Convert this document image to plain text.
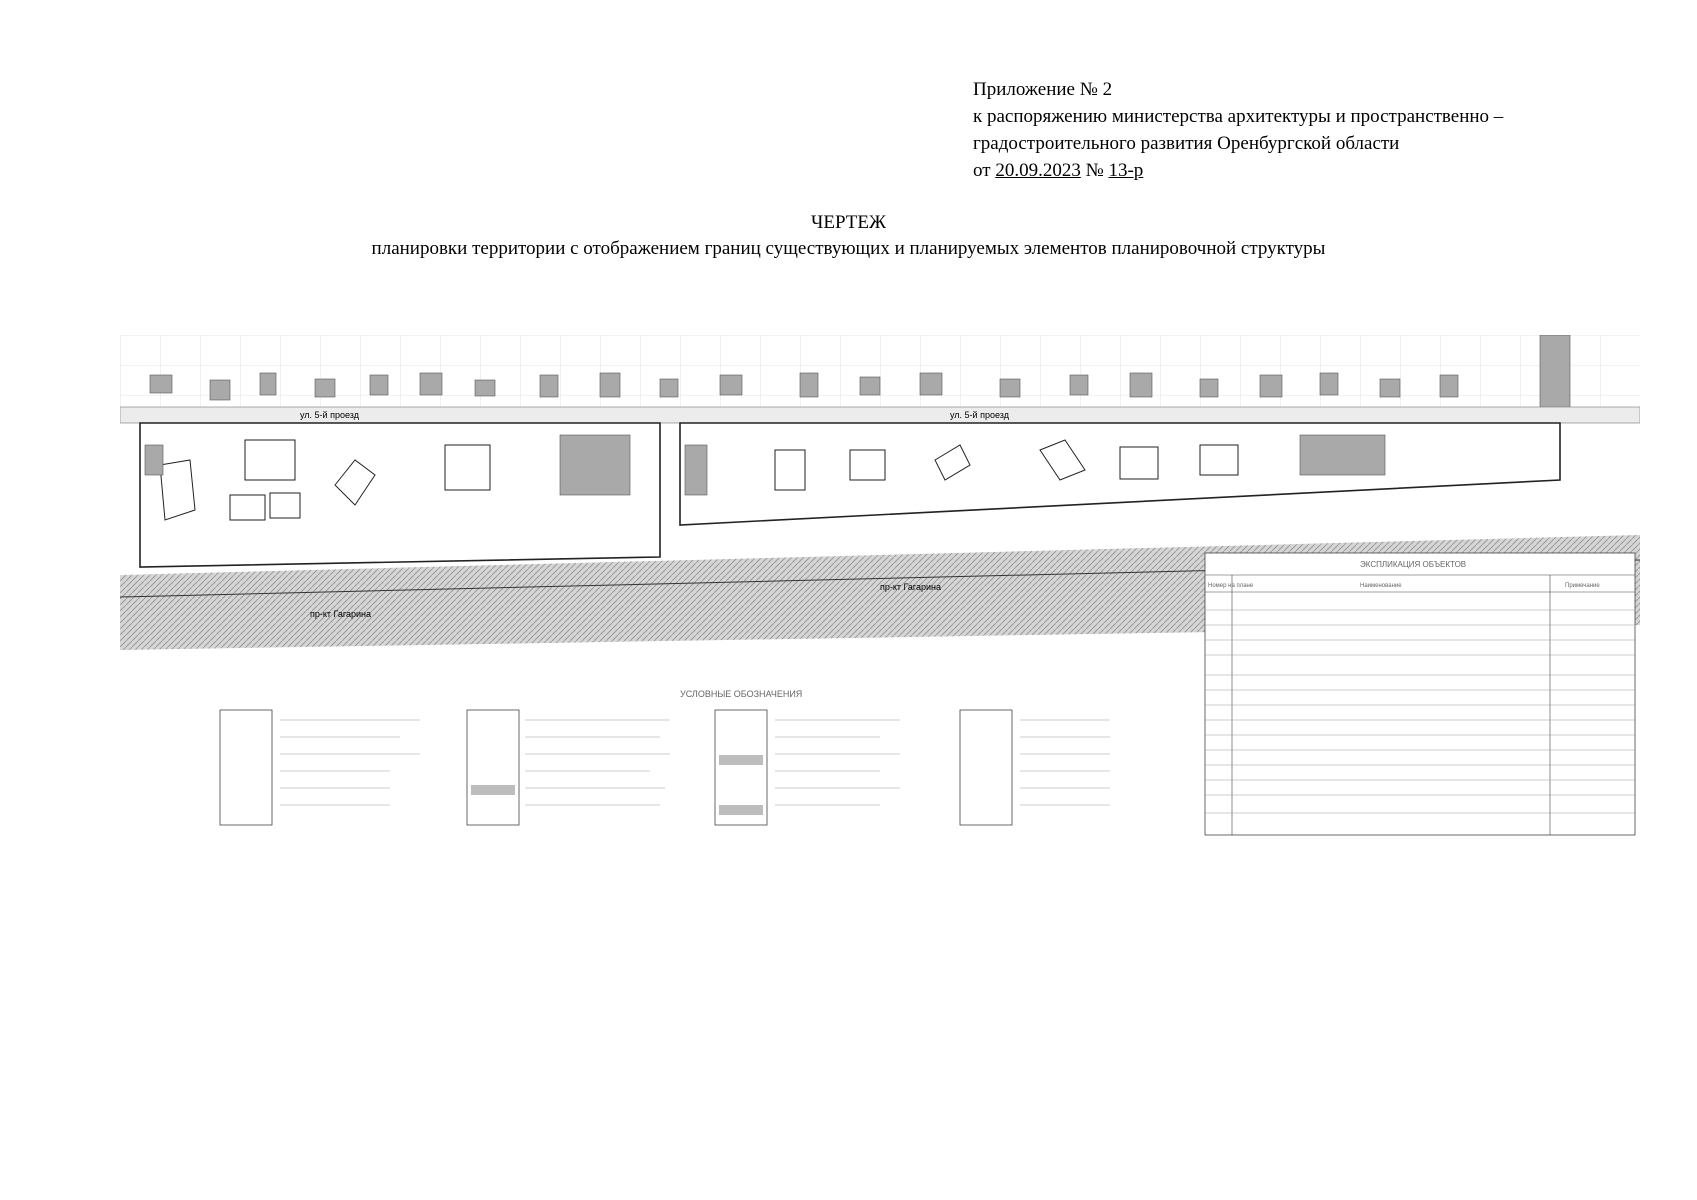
Приложение № 2
к распоряжению министерства архитектуры и пространственно –
градостроительного развития Оренбургской области
от 20.09.2023 № 13-р
ЧЕРТЕЖ
планировки территории с отображением границ существующих и планируемых элементов планировочной структуры
ул. 5-й проезд	ул. 5-й проезд
пр-кт Гагарина
пр-кт Гагарина
УСЛОВНЫЕ ОБОЗНАЧЕНИЯ
ЭКСПЛИКАЦИЯ ОБЪЕКТОВ
Номер на плане	Наименование	Примечание
